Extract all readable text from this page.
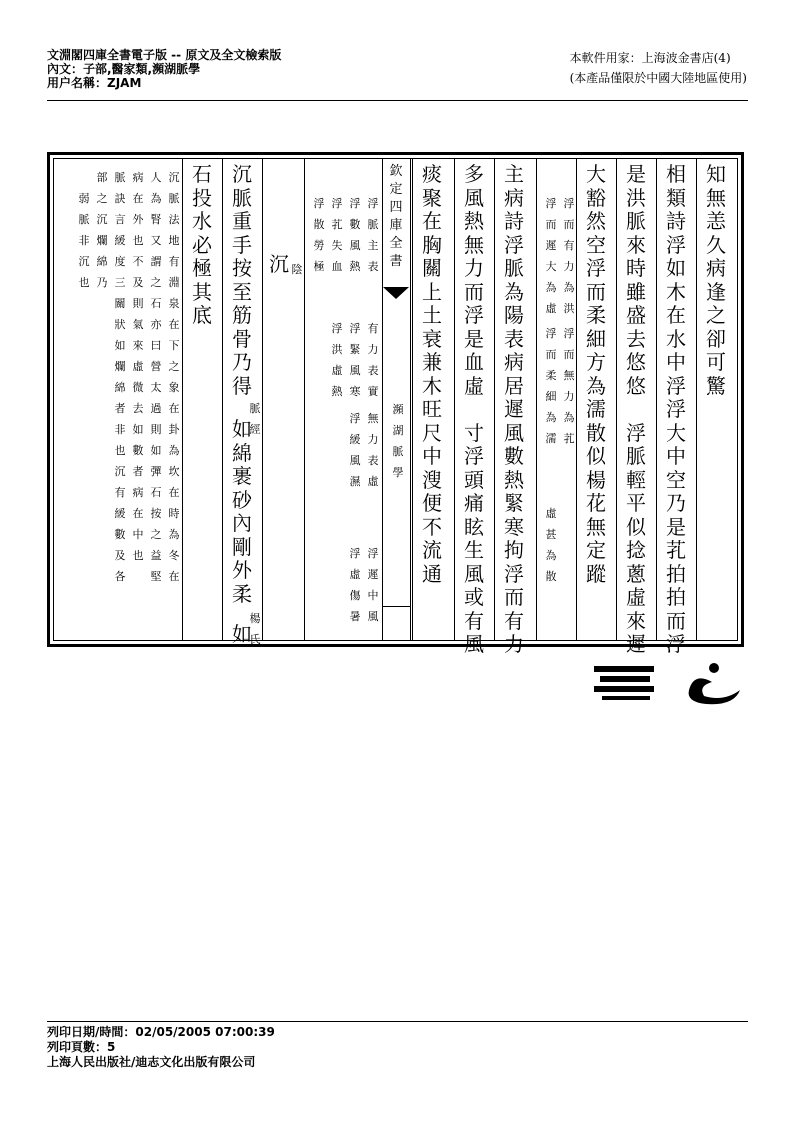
文淵閣四庫全書電子版 -- 原文及全文檢索版
內文：子部,醫家類,瀕湖脈學
用户名稱：ZJAM
本軟件用家：上海波金書店(4)
(本產品僅限於中國大陸地區使用)
欽
定
四
庫
全
書
瀕
湖
脈
學
知
無
恙
久
病
逢
之
卻
可
驚
相
類
詩
浮
如
木
在
水
中
浮
浮
大
中
空
乃
是
芤
拍
拍
而
浮
是
洪
脈
來
時
雖
盛
去
悠
悠

浮
脈
輕
平
似
捻
蔥
虛
來
遲
大
豁
然
空
浮
而
柔
細
方
為
濡
散
似
楊
花
無
定
蹤
浮
而
有
力
為
洪
浮
而
遲
大
為
虛
浮
而
無
力
為
芤
浮
而
柔
細
為
濡
虛
甚
為
散
主
病
詩
浮
脈
為
陽
表
病
居
遲
風
數
熱
緊
寒
拘
浮
而
有
力
多
風
熱
無
力
而
浮
是
血
虛

寸
浮
頭
痛
眩
生
風
或
有
風
痰
聚
在
胸
關
上
土
衰
兼
木
旺
尺
中
溲
便
不
流
通
浮
脈
主
表
有
力
表
實
無
力
表
虛
浮
遲
中
風
浮
數
風
熱
浮
緊
風
寒
浮
緩
風
濕
浮
虛
傷
暑
浮
芤
失
血
浮
洪
虛
熱
浮
散
勞
極
沉 陰
沉
脈
重
手
按
至
筋
骨
乃
得
脈
經
如
綿
裹
砂
內
剛
外
柔
楊
氏
如
石
投
水
必
極
其
底
沉
脈
法
地
有
淵
泉
在
下
之
象
在
卦
為
坎
在
時
為
冬
在
人
為
腎
又
謂
之
石
亦
曰
營
太
過
則
如
彈
石
按
之
益
堅
病
在
外
也
不
及
則
氣
來
虛
微
去
如
數
者
病
在
中
也
脈
訣
言
緩
度
三
關
狀
如
爛
綿
者
非
也
沉
有
緩
數
及
各
部
之
沉
爛
綿
乃
弱
脈
非
沉
也
列印日期/時間：02/05/2005 07:00:39
列印頁數：5
上海人民出版社/迪志文化出版有限公司
